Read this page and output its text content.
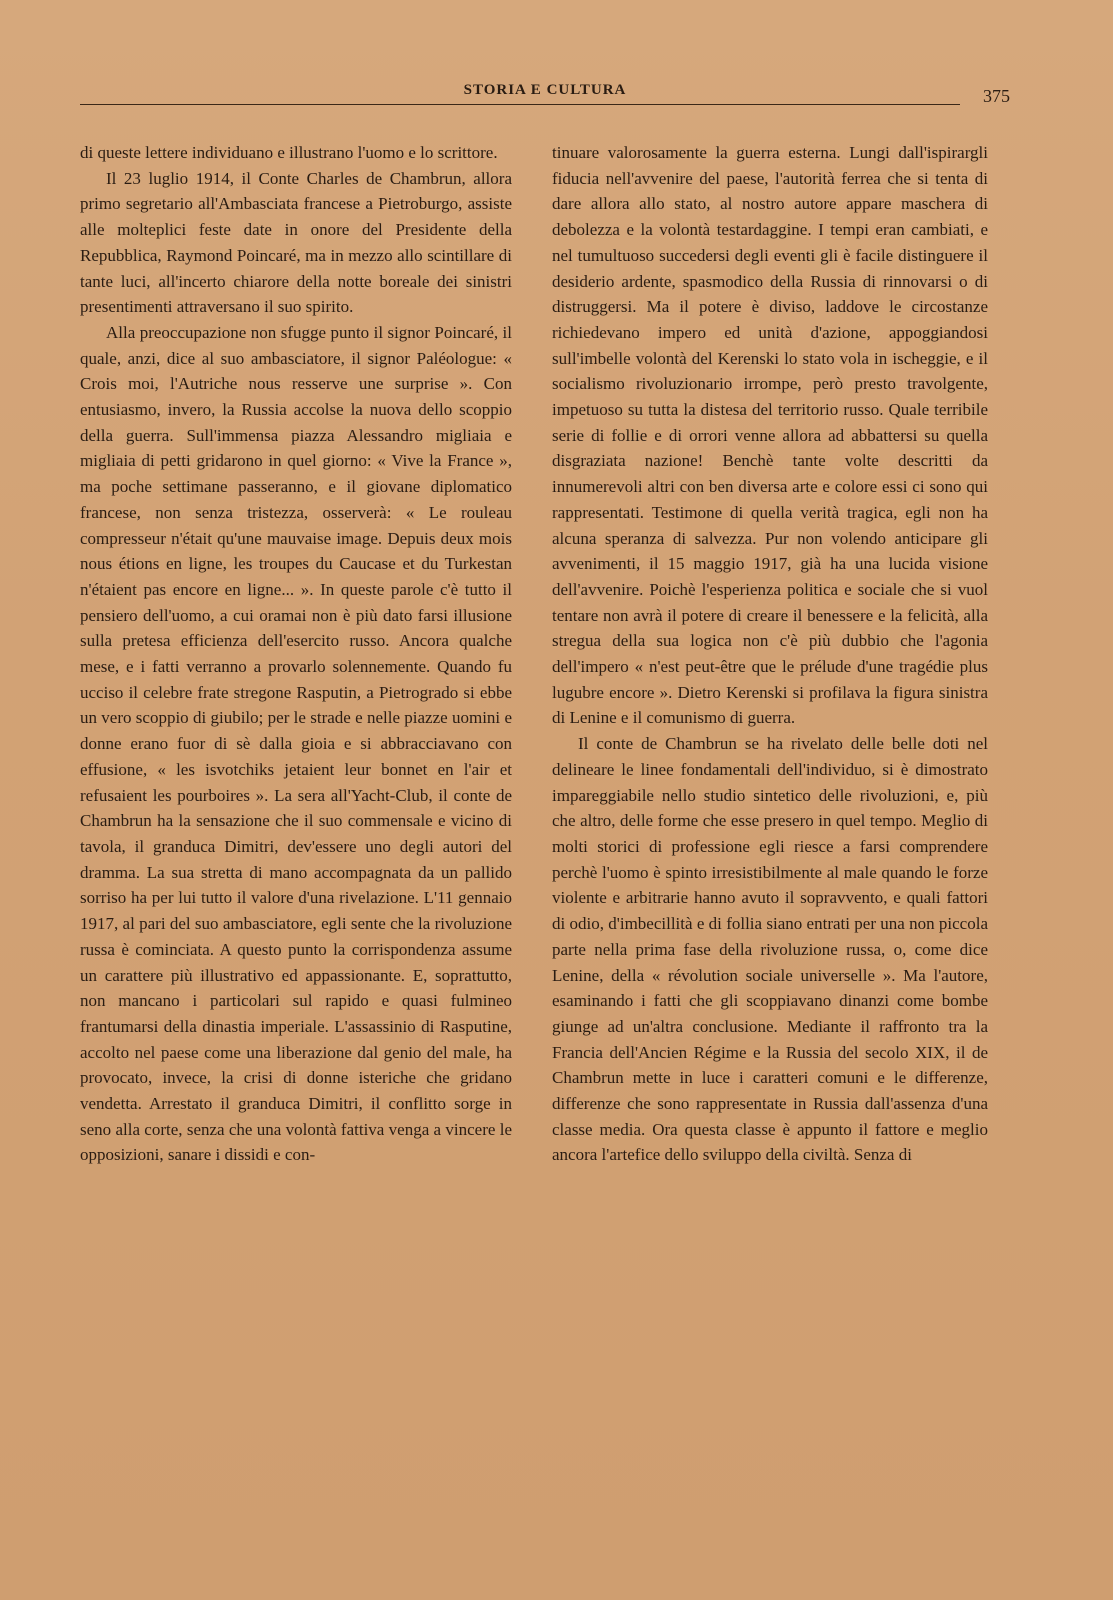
STORIA E CULTURA	375

di queste lettere individuano e illustrano l'uomo e lo scrittore.

Il 23 luglio 1914, il Conte Charles de Chambrun, allora primo segretario all'Ambasciata francese a Pietroburgo, assiste alle molteplici feste date in onore del Presidente della Repubblica, Raymond Poincaré, ma in mezzo allo scintillare di tante luci, all'incerto chiarore della notte boreale dei sinistri presentimenti attraversano il suo spirito.

Alla preoccupazione non sfugge punto il signor Poincaré, il quale, anzi, dice al suo ambasciatore, il signor Paléologue: « Crois moi, l'Autriche nous resserve une surprise ». Con entusiasmo, invero, la Russia accolse la nuova dello scoppio della guerra. Sull'immensa piazza Alessandro migliaia e migliaia di petti gridarono in quel giorno: « Vive la France », ma poche settimane passeranno, e il giovane diplomatico francese, non senza tristezza, osserverà: « Le rouleau compresseur n'était qu'une mauvaise image. Depuis deux mois nous étions en ligne, les troupes du Caucase et du Turkestan n'étaient pas encore en ligne... ». In queste parole c'è tutto il pensiero dell'uomo, a cui oramai non è più dato farsi illusione sulla pretesa efficienza dell'esercito russo. Ancora qualche mese, e i fatti verranno a provarlo solennemente. Quando fu ucciso il celebre frate stregone Rasputin, a Pietrogrado si ebbe un vero scoppio di giubilo; per le strade e nelle piazze uomini e donne erano fuor di sè dalla gioia e si abbracciavano con effusione, « les isvotchiks jetaient leur bonnet en l'air et refusaient les pourboires ». La sera all'Yacht-Club, il conte de Chambrun ha la sensazione che il suo commensale e vicino di tavola, il granduca Dimitri, dev'essere uno degli autori del dramma. La sua stretta di mano accompagnata da un pallido sorriso ha per lui tutto il valore d'una rivelazione. L'11 gennaio 1917, al pari del suo ambasciatore, egli sente che la rivoluzione russa è cominciata. A questo punto la corrispondenza assume un carattere più illustrativo ed appassionante. E, soprattutto, non mancano i particolari sul rapido e quasi fulmineo frantumarsi della dinastia imperiale. L'assassinio di Rasputine, accolto nel paese come una liberazione dal genio del male, ha provocato, invece, la crisi di donne isteriche che gridano vendetta. Arrestato il granduca Dimitri, il conflitto sorge in seno alla corte, senza che una volontà fattiva venga a vincere le opposizioni, sanare i dissidi e con-

tinuare valorosamente la guerra esterna. Lungi dall'ispirargli fiducia nell'avvenire del paese, l'autorità ferrea che si tenta di dare allora allo stato, al nostro autore appare maschera di debolezza e la volontà testardaggine. I tempi eran cambiati, e nel tumultuoso succedersi degli eventi gli è facile distinguere il desiderio ardente, spasmodico della Russia di rinnovarsi o di distruggersi. Ma il potere è diviso, laddove le circostanze richiedevano impero ed unità d'azione, appoggiandosi sull'imbelle volontà del Kerenski lo stato vola in ischeggie, e il socialismo rivoluzionario irrompe, però presto travolgente, impetuoso su tutta la distesa del territorio russo. Quale terribile serie di follie e di orrori venne allora ad abbattersi su quella disgraziata nazione! Benchè tante volte descritti da innumerevoli altri con ben diversa arte e colore essi ci sono qui rappresentati. Testimone di quella verità tragica, egli non ha alcuna speranza di salvezza. Pur non volendo anticipare gli avvenimenti, il 15 maggio 1917, già ha una lucida visione dell'avvenire. Poichè l'esperienza politica e sociale che si vuol tentare non avrà il potere di creare il benessere e la felicità, alla stregua della sua logica non c'è più dubbio che l'agonia dell'impero « n'est peut-être que le prélude d'une tragédie plus lugubre encore ». Dietro Kerenski si profilava la figura sinistra di Lenine e il comunismo di guerra.

Il conte de Chambrun se ha rivelato delle belle doti nel delineare le linee fondamentali dell'individuo, si è dimostrato impareggiabile nello studio sintetico delle rivoluzioni, e, più che altro, delle forme che esse presero in quel tempo. Meglio di molti storici di professione egli riesce a farsi comprendere perchè l'uomo è spinto irresistibilmente al male quando le forze violente e arbitrarie hanno avuto il sopravvento, e quali fattori di odio, d'imbecillità e di follia siano entrati per una non piccola parte nella prima fase della rivoluzione russa, o, come dice Lenine, della « révolution sociale universelle ». Ma l'autore, esaminando i fatti che gli scoppiavano dinanzi come bombe giunge ad un'altra conclusione. Mediante il raffronto tra la Francia dell'Ancien Régime e la Russia del secolo XIX, il de Chambrun mette in luce i caratteri comuni e le differenze, differenze che sono rappresentate in Russia dall'assenza d'una classe media. Ora questa classe è appunto il fattore e meglio ancora l'artefice dello sviluppo della civiltà. Senza di
